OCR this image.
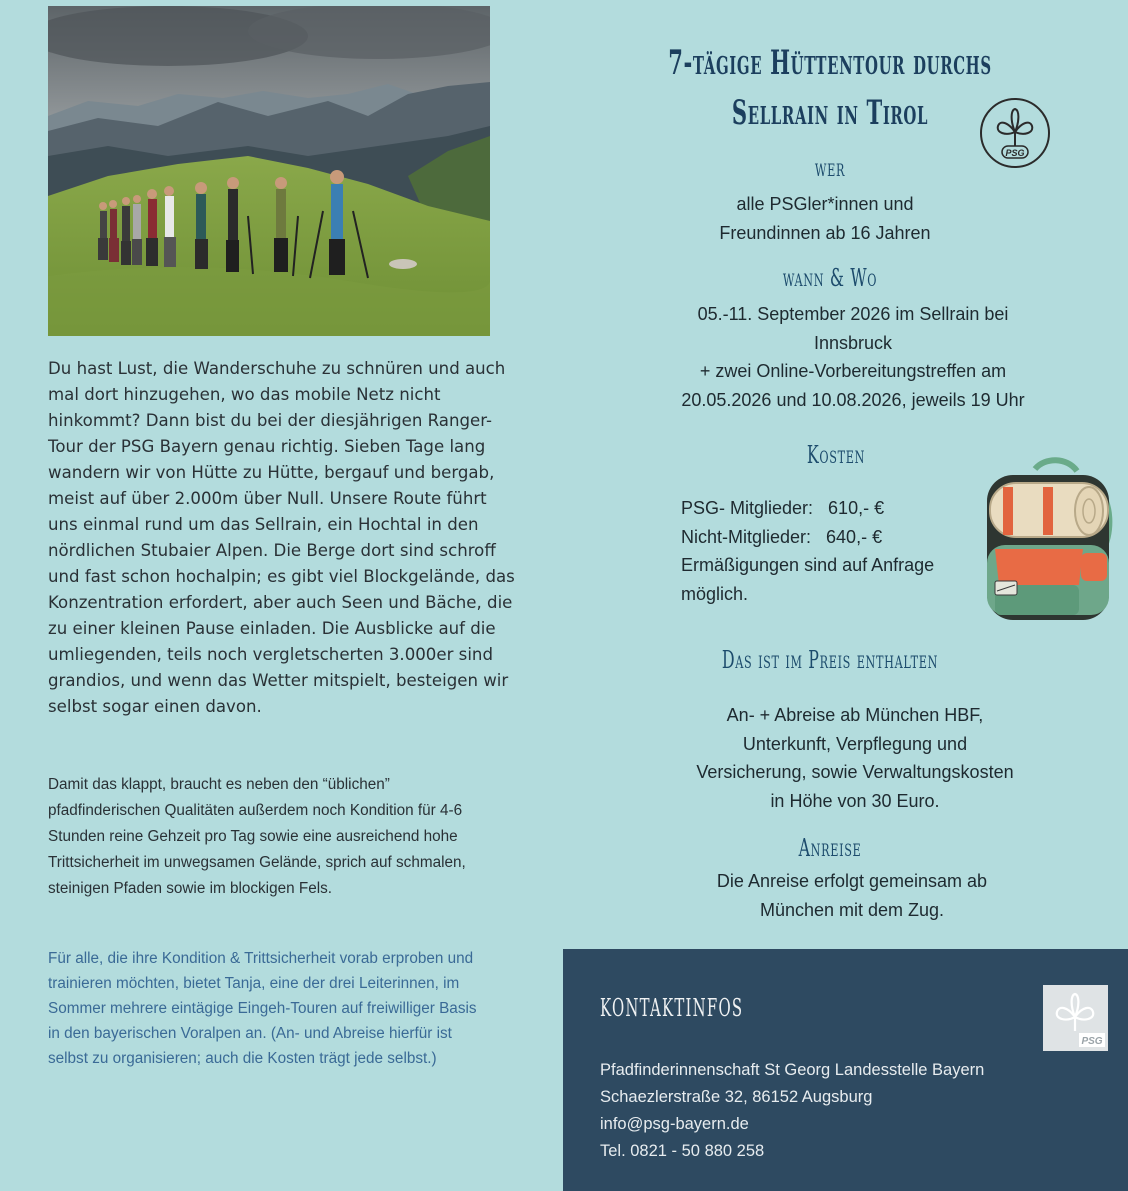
Du hast Lust, die Wanderschuhe zu schnüren und auch mal dort hinzugehen, wo das mobile Netz nicht hinkommt? Dann bist du bei der diesjährigen Ranger-Tour der PSG Bayern genau richtig. Sieben Tage lang wandern wir von Hütte zu Hütte, bergauf und bergab, meist auf über 2.000m über Null. Unsere Route führt uns einmal rund um das Sellrain, ein Hochtal in den nördlichen Stubaier Alpen. Die Berge dort sind schroff und fast schon hochalpin; es gibt viel Blockgelände, das Konzentration erfordert, aber auch Seen und Bäche, die zu einer kleinen Pause einladen. Die Ausblicke auf die umliegenden, teils noch vergletscherten 3.000er sind grandios, und wenn das Wetter mitspielt, besteigen wir selbst sogar einen davon.

Damit das klappt, braucht es neben den “üblichen” pfadfinderischen Qualitäten außerdem noch Kondition für 4-6 Stunden reine Gehzeit pro Tag sowie eine ausreichend hohe Trittsicherheit im unwegsamen Gelände, sprich auf schmalen, steinigen Pfaden sowie im blockigen Fels.

Für alle, die ihre Kondition & Trittsicherheit vorab erproben und trainieren möchten, bietet Tanja, eine der drei Leiterinnen, im Sommer mehrere eintägige Eingeh-Touren auf freiwilliger Basis in den bayerischen Voralpen an. (An- und Abreise hierfür ist selbst zu organisieren; auch die Kosten trägt jede selbst.)

7-tägige Hüttentour durchs
Sellrain in Tirol
PSG
wer
alle PSGler*innen und
Freundinnen ab 16 Jahren
wann & Wo
05.-11. September 2026 im Sellrain bei
Innsbruck
+ zwei Online-Vorbereitungstreffen am
20.05.2026 und 10.08.2026, jeweils 19 Uhr
Kosten
PSG- Mitglieder:   610,- €
Nicht-Mitglieder:   640,- €
Ermäßigungen sind auf Anfrage
möglich.
Das ist im Preis enthalten
An- + Abreise ab München HBF,
Unterkunft, Verpflegung und
Versicherung, sowie Verwaltungskosten
in Höhe von 30 Euro.
Anreise
Die Anreise erfolgt gemeinsam ab
München mit dem Zug.
kontaktinfos
PSG
Pfadfinderinnenschaft St Georg Landesstelle Bayern
Schaezlerstraße 32, 86152 Augsburg
info@psg-bayern.de
Tel. 0821 - 50 880 258
